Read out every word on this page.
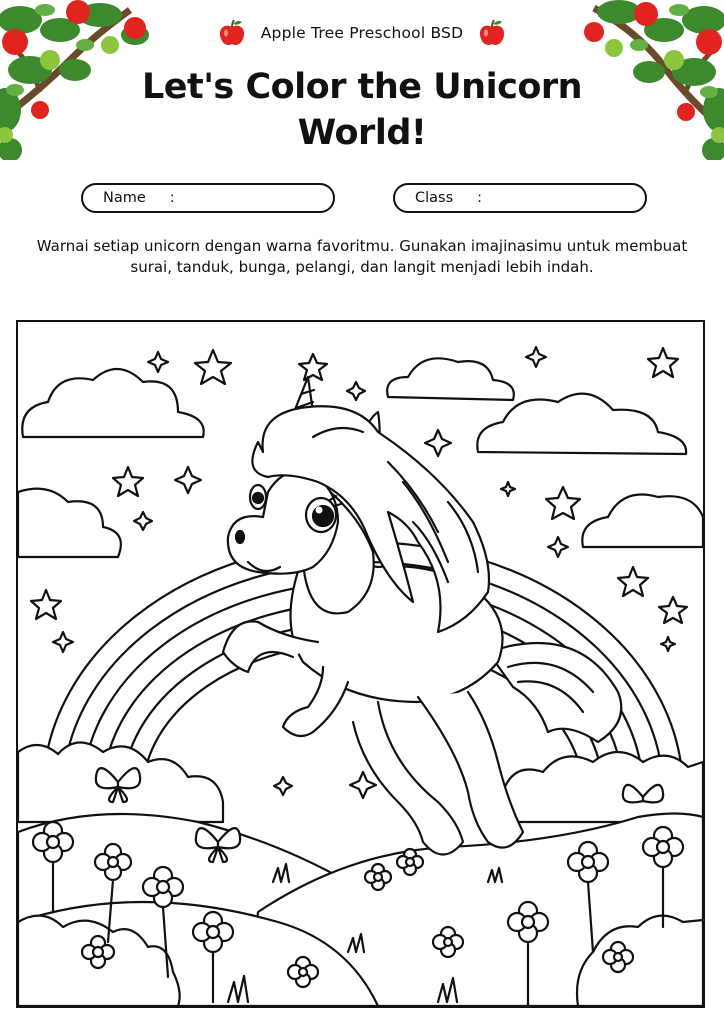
Apple Tree Preschool BSD
Let's Color the Unicorn
World!
Name :	Class :

Warnai setiap unicorn dengan warna favoritmu. Gunakan imajinasimu untuk membuat surai, tanduk, bunga, pelangi, dan langit menjadi lebih indah.
